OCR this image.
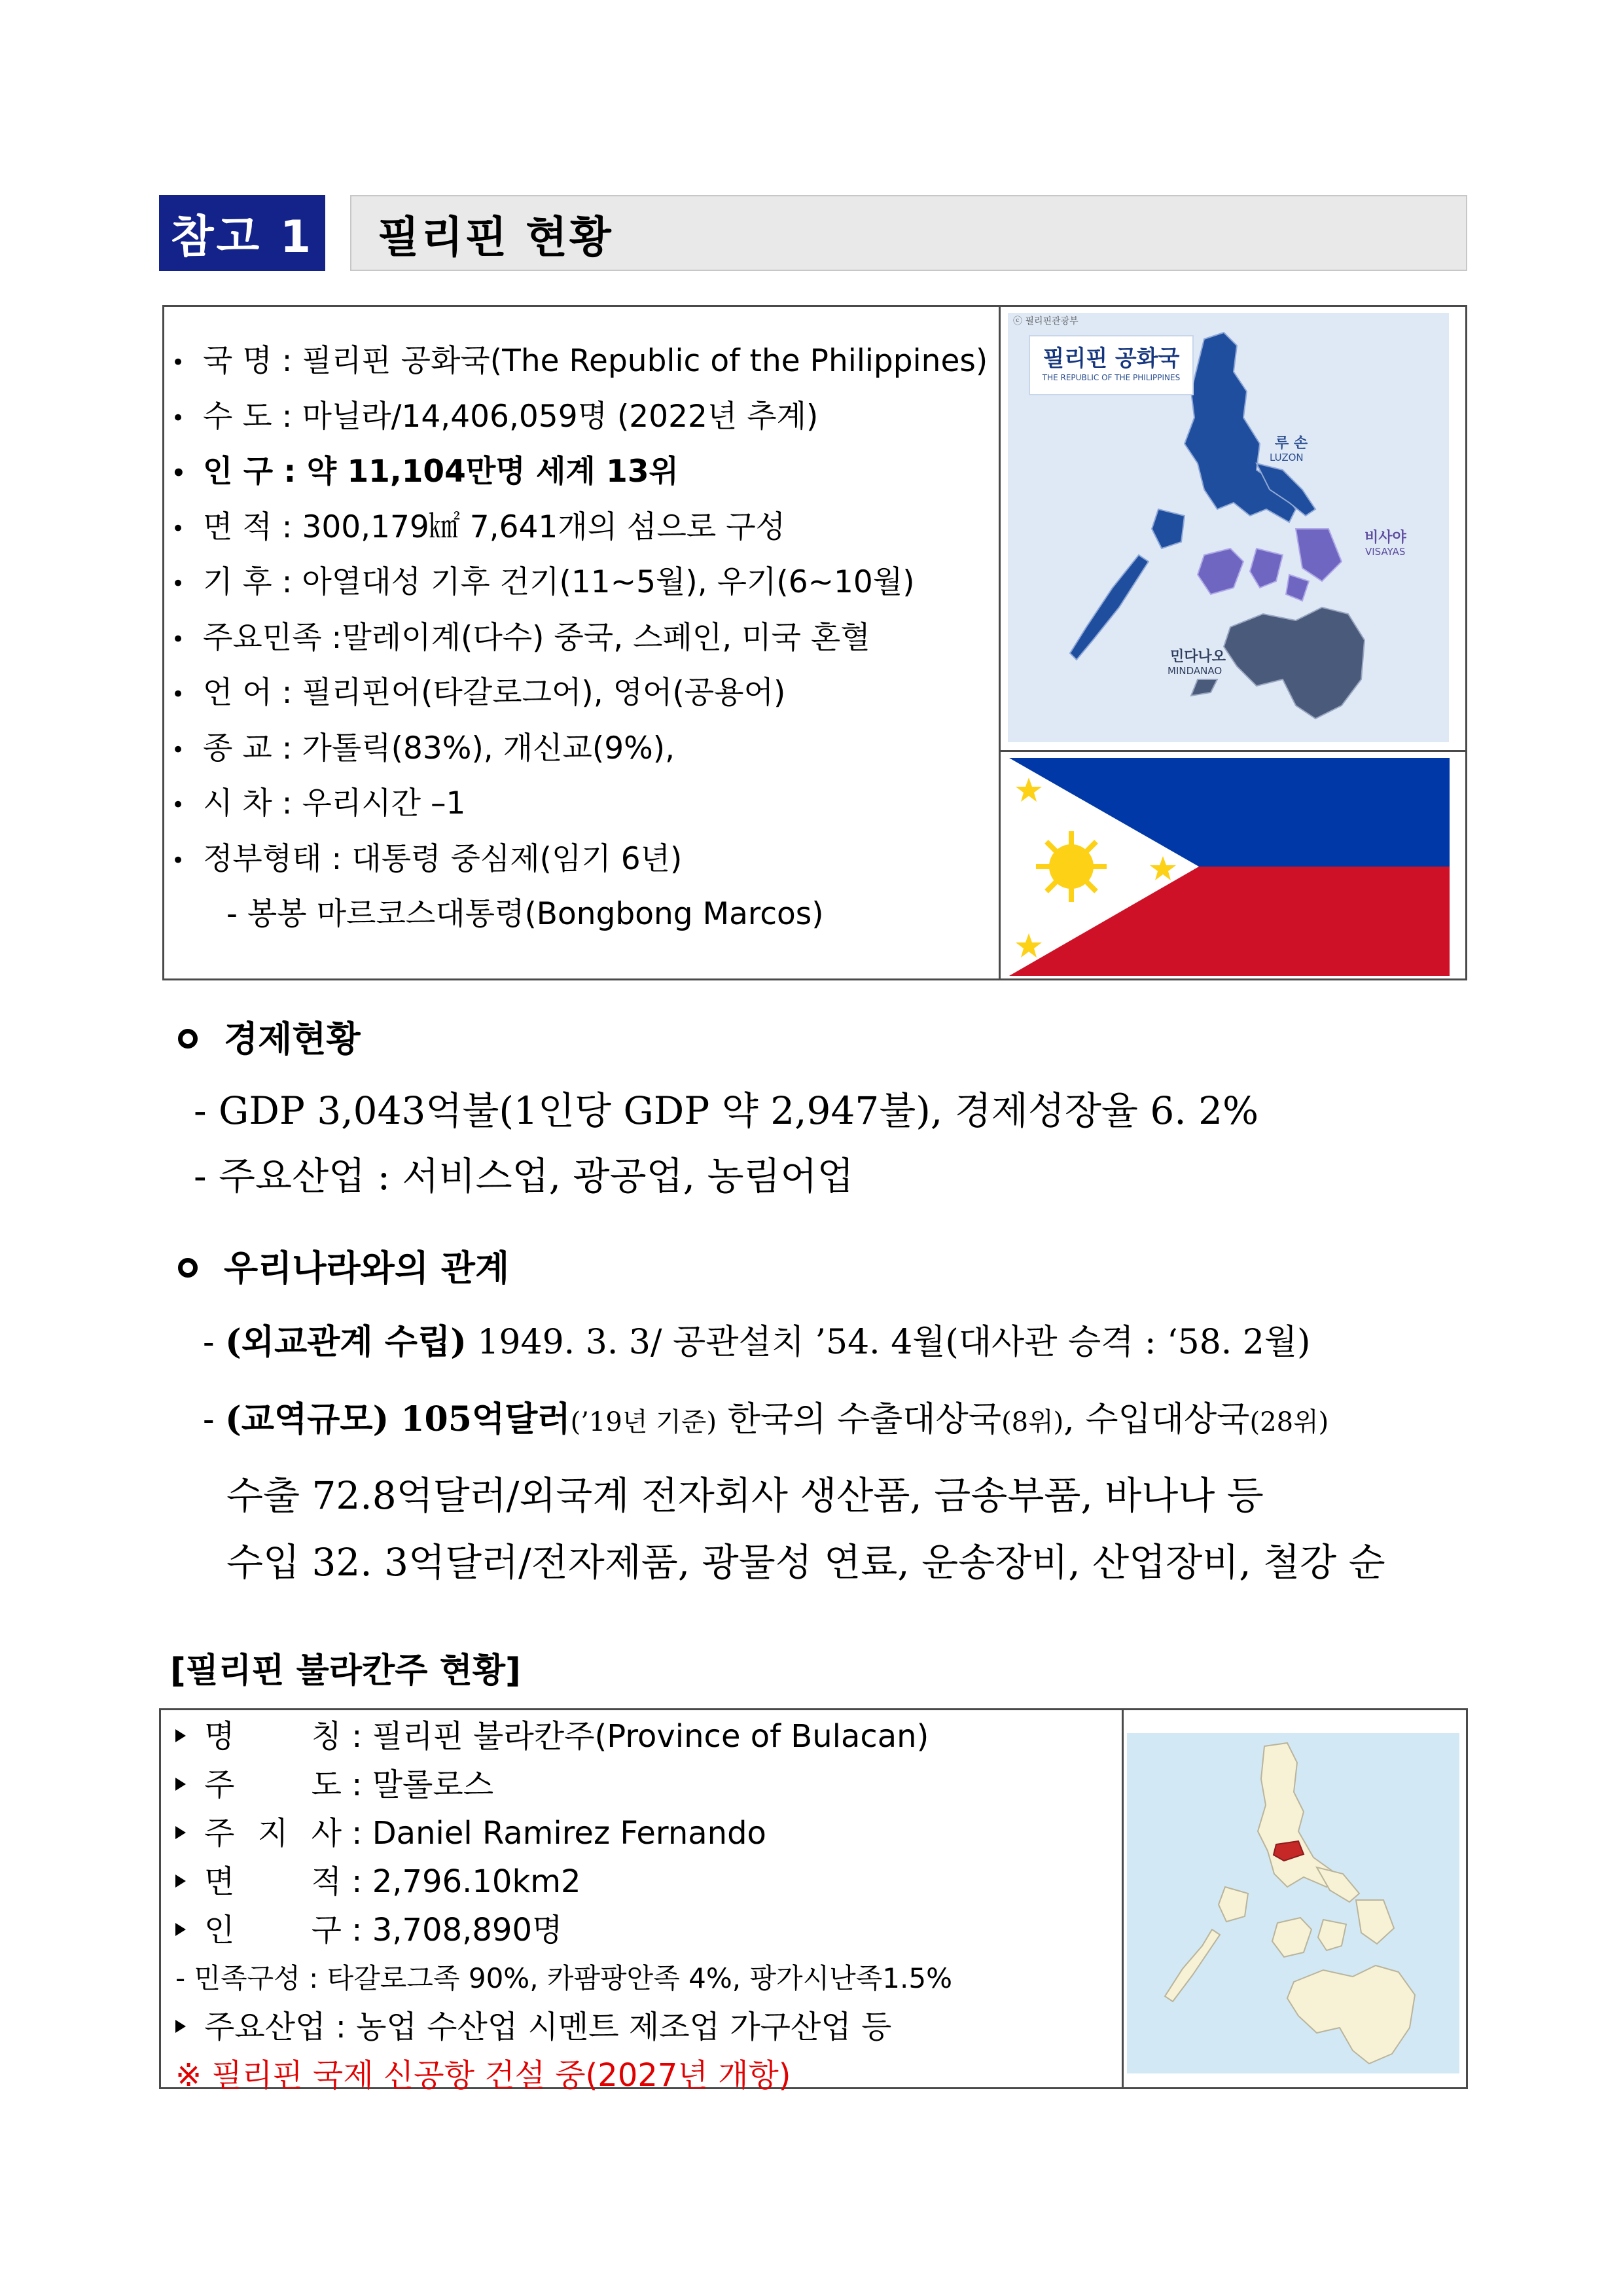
참고 1	필리핀 현황
• 국 명 : 필리핀 공화국(The Republic of the Philippines)
• 수 도 : 마닐라/14,406,059명 (2022년 추계)
• 인 구 : 약 11,104만명 세계 13위
• 면 적 : 300,179㎢ 7,641개의 섬으로 구성
• 기 후 : 아열대성 기후 건기(11~5월), 우기(6~10월)
• 주요민족 :말레이계(다수) 중국, 스페인, 미국 혼혈
• 언 어 : 필리핀어(타갈로그어), 영어(공용어)
• 종 교 : 가톨릭(83%), 개신교(9%),
• 시 차 : 우리시간 –1
• 정부형태 : 대통령 중심제(임기 6년)
- 봉봉 마르코스대통령(Bongbong Marcos)
ⓒ 필리핀관광부
필리핀 공화국
THE REPUBLIC OF THE PHILIPPINES
루 손
LUZON
비사야
VISAYAS
민다나오
MINDANAO
경제현황
- GDP 3,043억불(1인당 GDP 약 2,947불), 경제성장율 6. 2%
- 주요산업 : 서비스업, 광공업, 농림어업
우리나라와의 관계
- (외교관계 수립) 1949. 3. 3/ 공관설치 ’54. 4월(대사관 승격 : ‘58. 2월)
- (교역규모) 105억달러(’19년 기준) 한국의 수출대상국(8위), 수입대상국(28위)
수출 72.8억달러/외국계 전자회사 생산품, 금송부품, 바나나 등
수입 32. 3억달러/전자제품, 광물성 연료, 운송장비, 산업장비, 철강 순
[필리핀 불라칸주 현황]
명 칭 : 필리핀 불라칸주(Province of Bulacan)
주 도 : 말롤로스
주 지 사 : Daniel Ramirez Fernando
면 적 : 2,796.10km2
인 구 : 3,708,890명
- 민족구성 : 타갈로그족 90%, 카팜팡안족 4%, 팡가시난족1.5%
주요산업 : 농업 수산업 시멘트 제조업 가구산업 등
※ 필리핀 국제 신공항 건설 중(2027년 개항)
